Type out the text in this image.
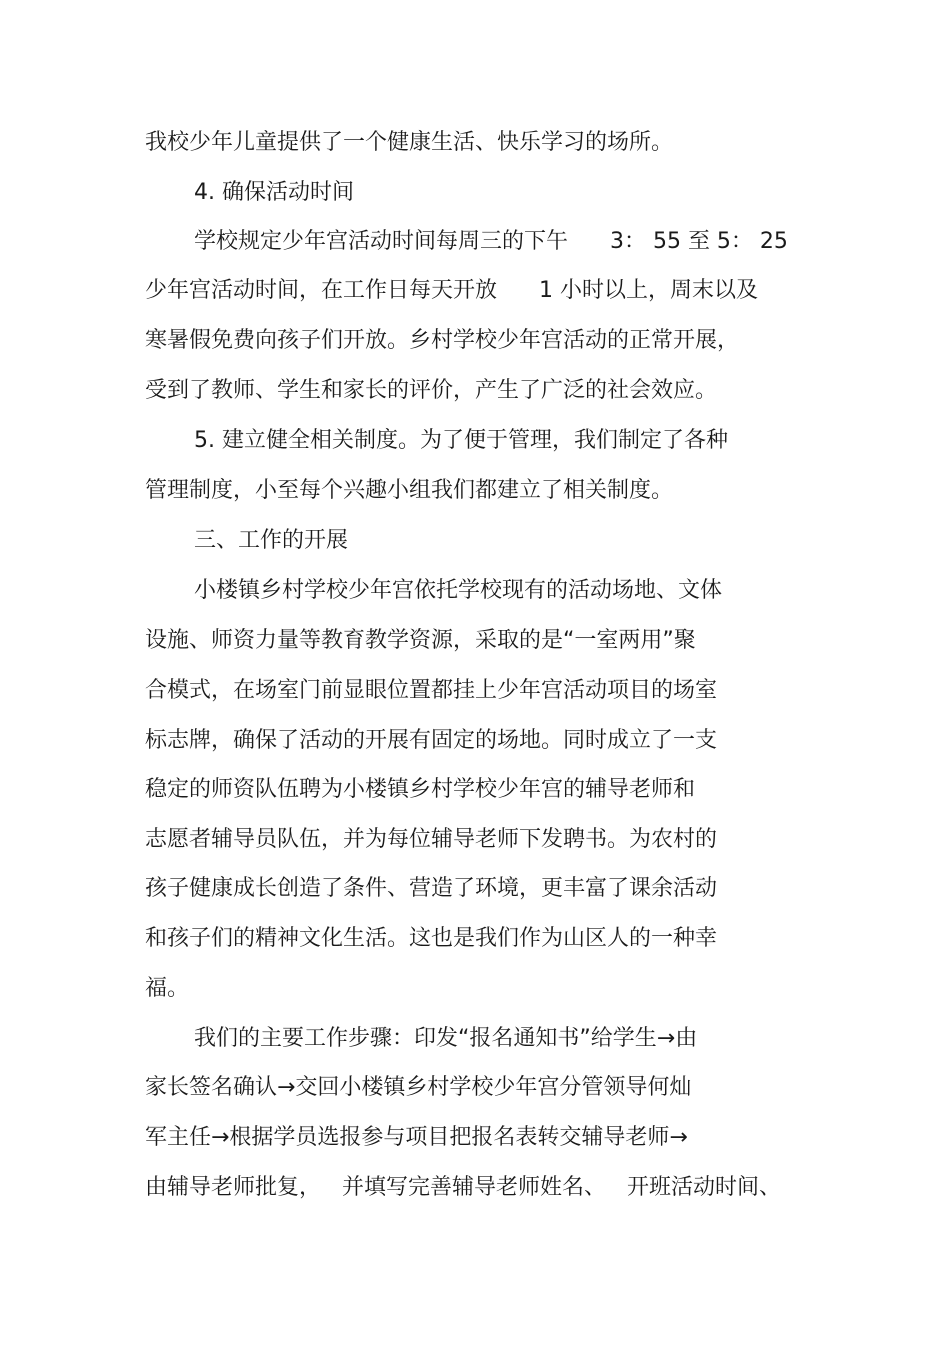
我校少年儿童提供了一个健康生活、快乐学习的场所。
4. 确保活动时间
学校规定少年宫活动时间每周三的下午      3： 55 至 5： 25
少年宫活动时间，在工作日每天开放      1 小时以上，周末以及
寒暑假免费向孩子们开放。乡村学校少年宫活动的正常开展，
受到了教师、学生和家长的评价，产生了广泛的社会效应。
5. 建立健全相关制度。为了便于管理，我们制定了各种
管理制度，小至每个兴趣小组我们都建立了相关制度。
三、工作的开展
小楼镇乡村学校少年宫依托学校现有的活动场地、文体
设施、师资力量等教育教学资源，采取的是“一室两用”聚
合模式，在场室门前显眼位置都挂上少年宫活动项目的场室
标志牌，确保了活动的开展有固定的场地。同时成立了一支
稳定的师资队伍聘为小楼镇乡村学校少年宫的辅导老师和
志愿者辅导员队伍，并为每位辅导老师下发聘书。为农村的
孩子健康成长创造了条件、营造了环境，更丰富了课余活动
和孩子们的精神文化生活。这也是我们作为山区人的一种幸
福。
我们的主要工作步骤：印发“报名通知书”给学生→由
家长签名确认→交回小楼镇乡村学校少年宫分管领导何灿
军主任→根据学员选报参与项目把报名表转交辅导老师→
由辅导老师批复，   并填写完善辅导老师姓名、   开班活动时间、
